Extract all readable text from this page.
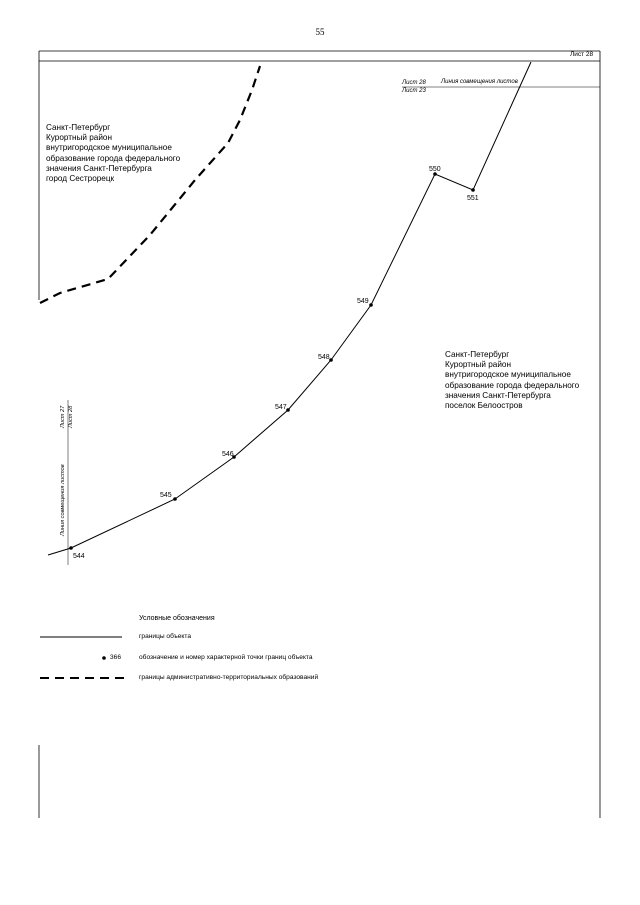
55
544
545
546
547
548
549
550
551
Лист 28
Линия совмещения листов
Лист 28
Лист 23
Линия совмещения листов
Лист 27 Лист 28
Санкт-Петербург
Курортный район
внутригородское муниципальное
образование города федерального
значения Санкт-Петербурга
город Сестрорецк
Санкт-Петербург
Курортный район
внутригородское муниципальное
образование города федерального
значения Санкт-Петербурга
поселок Белоостров
Условные обозначения
границы объекта
366	обозначение и номер характерной точки границ объекта
границы административно-территориальных образований
